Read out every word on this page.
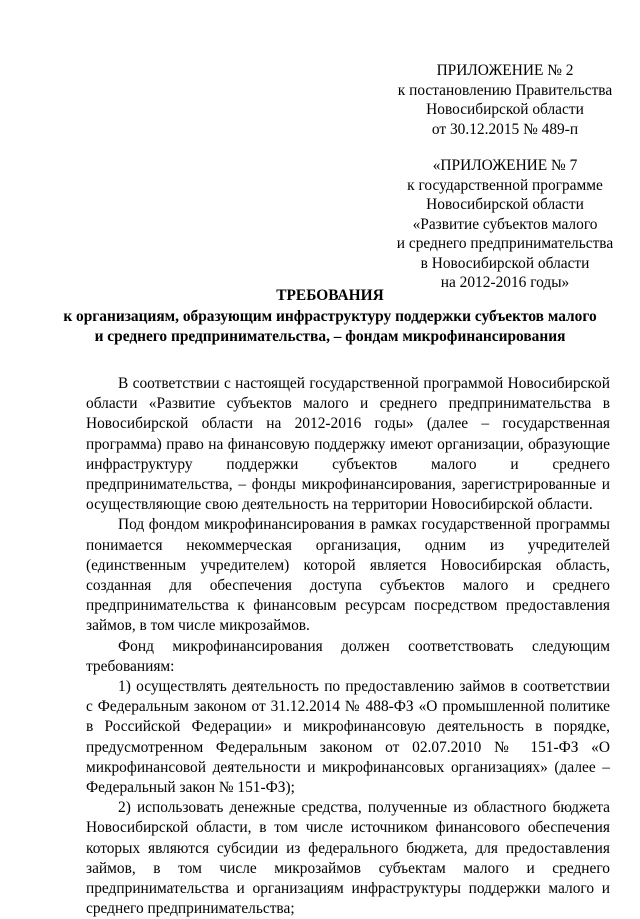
ПРИЛОЖЕНИЕ № 2
к постановлению Правительства
Новосибирской области
от 30.12.2015 № 489-п
«ПРИЛОЖЕНИЕ № 7
к государственной программе
Новосибирской области
«Развитие субъектов малого
и среднего предпринимательства
в Новосибирской области
на 2012-2016 годы»
ТРЕБОВАНИЯ
к организациям, образующим инфраструктуру поддержки субъектов малого
и среднего предпринимательства, – фондам микрофинансирования

В соответствии с настоящей государственной программой Новосибирской области «Развитие субъектов малого и среднего предпринимательства в Новосибирской области на 2012-2016 годы» (далее – государственная программа) право на финансовую поддержку имеют организации, образующие инфраструктуру поддержки субъектов малого и среднего предпринимательства, – фонды микрофинансирования, зарегистрированные и осуществляющие свою деятельность на территории Новосибирской области.

Под фондом микрофинансирования в рамках государственной программы понимается некоммерческая организация, одним из учредителей (единственным учредителем) которой является Новосибирская область, созданная для обеспечения доступа субъектов малого и среднего предпринимательства к финансовым ресурсам посредством предоставления займов, в том числе микрозаймов.

Фонд микрофинансирования должен соответствовать следующим требованиям:

1) осуществлять деятельность по предоставлению займов в соответствии с Федеральным законом от 31.12.2014 № 488-ФЗ «О промышленной политике в Российской Федерации» и микрофинансовую деятельность в порядке, предусмотренном Федеральным законом от 02.07.2010 № 151-ФЗ «О микрофинансовой деятельности и микрофинансовых организациях» (далее – Федеральный закон № 151-ФЗ);

2) использовать денежные средства, полученные из областного бюджета Новосибирской области, в том числе источником финансового обеспечения которых являются субсидии из федерального бюджета, для предоставления займов, в том числе микрозаймов субъектам малого и среднего предпринимательства и организациям инфраструктуры поддержки малого и среднего предпринимательства;
